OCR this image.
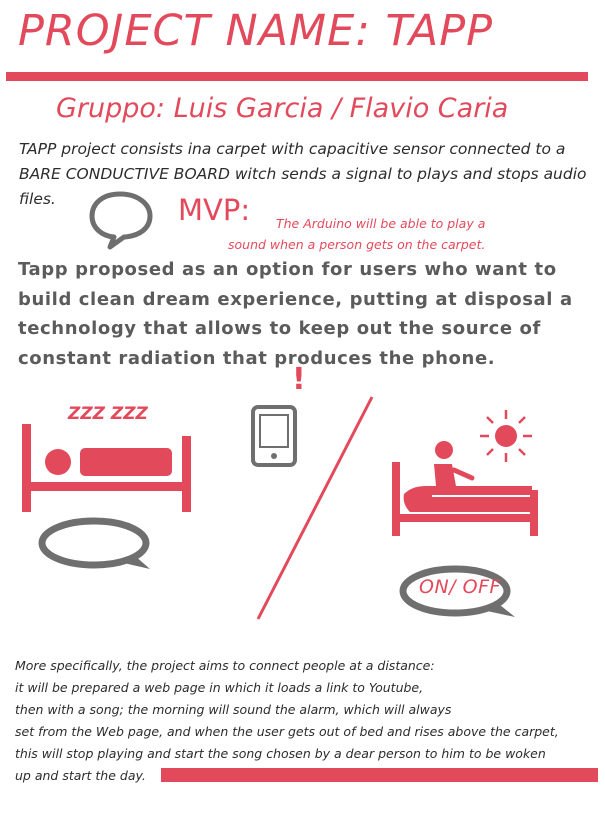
PROJECT NAME: TAPP
Gruppo: Luis Garcia / Flavio Caria
TAPP project consists ina carpet with capacitive sensor connected to a
BARE CONDUCTIVE BOARD witch sends a signal to plays and stops audio
files.	MVP: The Arduino will be able to play a
sound when a person gets on the carpet.
Tapp proposed as an option for users who want to
build clean dream experience, putting at disposal a
technology that allows to keep out the source of
constant radiation that produces the phone.
ZZZ ZZZ
!
ON/ OFF
More specifically, the project aims to connect people at a distance:
it will be prepared a web page in which it loads a link to Youtube,
then with a song; the morning will sound the alarm, which will always
set from the Web page, and when the user gets out of bed and rises above the carpet,
this will stop playing and start the song chosen by a dear person to him to be woken
up and start the day.
